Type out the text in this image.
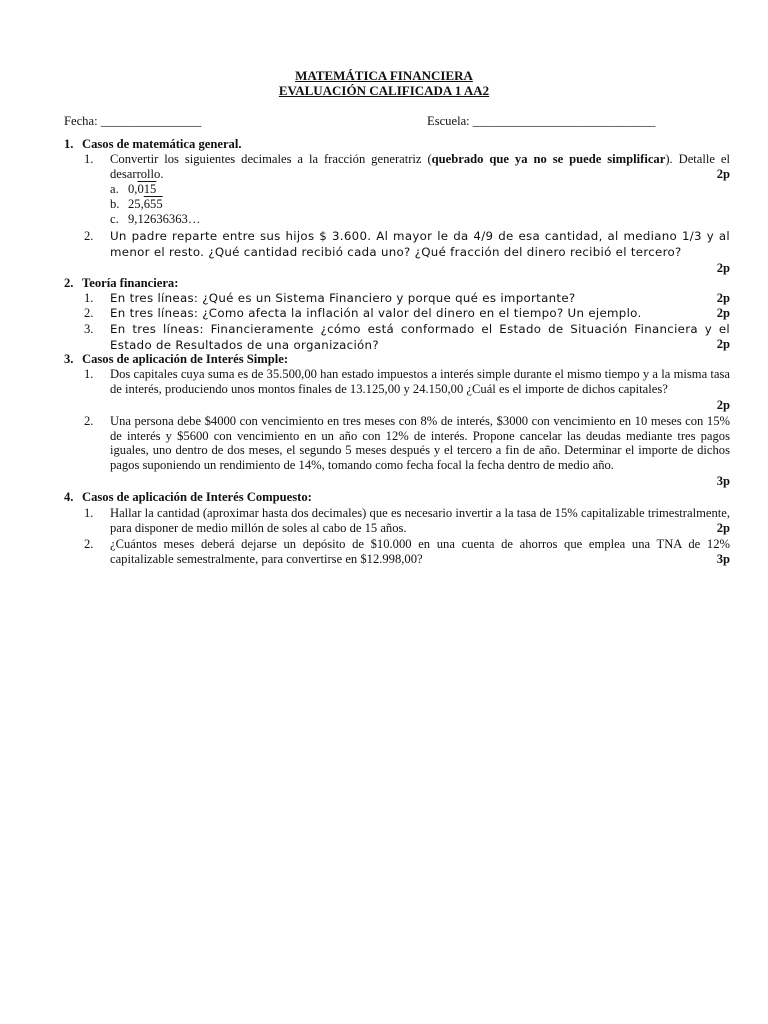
MATEMÁTICA FINANCIERA
EVALUACIÓN CALIFICADA 1 AA2
Fecha: ________________	Escuela: _____________________________
1. Casos de matemática general.
1. Convertir los siguientes decimales a la fracción generatriz (quebrado que ya no se puede simplificar). Detalle el desarrollo.	2p
a. 0,015
b. 25,655
c. 9,12636363…
2. Un padre reparte entre sus hijos $ 3.600. Al mayor le da 4/9 de esa cantidad, al mediano 1/3 y al menor el resto. ¿Qué cantidad recibió cada uno? ¿Qué fracción del dinero recibió el tercero?
2p
2. Teoría financiera:
1. En tres líneas: ¿Qué es un Sistema Financiero y porque qué es importante?	2p
2. En tres líneas: ¿Como afecta la inflación al valor del dinero en el tiempo? Un ejemplo.	2p
3. En tres líneas: Financieramente ¿cómo está conformado el Estado de Situación Financiera y el Estado de Resultados de una organización?	2p
3. Casos de aplicación de Interés Simple:
1. Dos capitales cuya suma es de 35.500,00 han estado impuestos a interés simple durante el mismo tiempo y a la misma tasa de interés, produciendo unos montos finales de 13.125,00 y 24.150,00 ¿Cuál es el importe de dichos capitales?
2p
2. Una persona debe $4000 con vencimiento en tres meses con 8% de interés, $3000 con vencimiento en 10 meses con 15% de interés y $5600 con vencimiento en un año con 12% de interés. Propone cancelar las deudas mediante tres pagos iguales, uno dentro de dos meses, el segundo 5 meses después y el tercero a fin de año. Determinar el importe de dichos pagos suponiendo un rendimiento de 14%, tomando como fecha focal la fecha dentro de medio año.
3p
4. Casos de aplicación de Interés Compuesto:
1. Hallar la cantidad (aproximar hasta dos decimales) que es necesario invertir a la tasa de 15% capitalizable trimestralmente, para disponer de medio millón de soles al cabo de 15 años.	2p
2. ¿Cuántos meses deberá dejarse un depósito de $10.000 en una cuenta de ahorros que emplea una TNA de 12% capitalizable semestralmente, para convertirse en $12.998,00?	3p
